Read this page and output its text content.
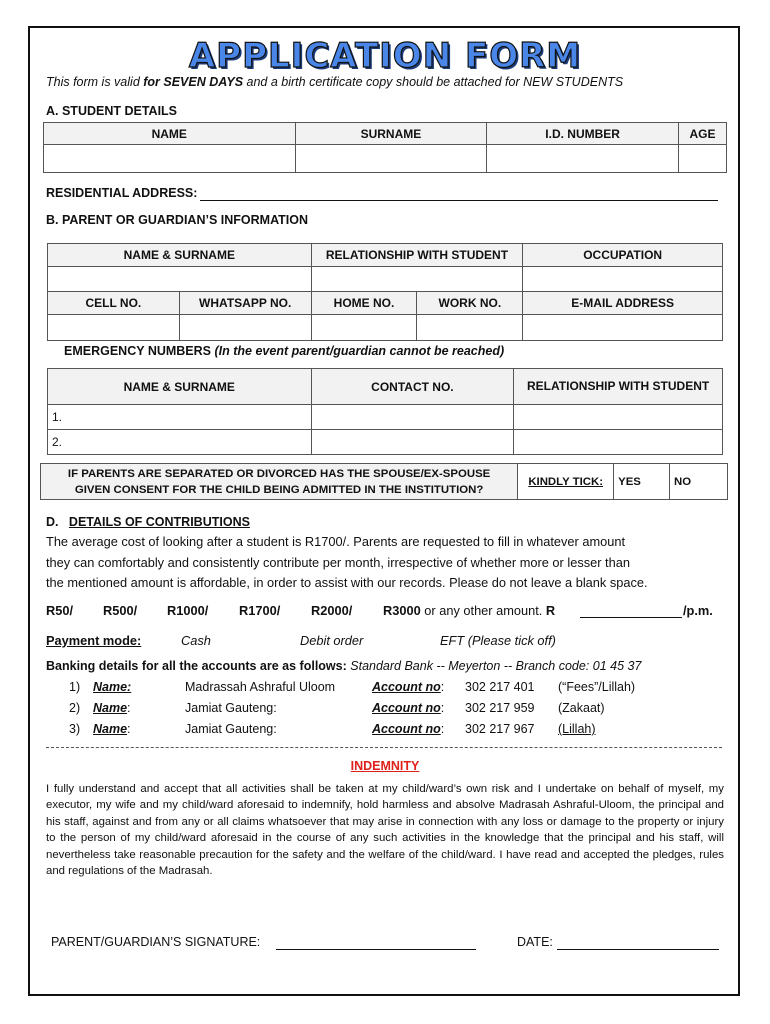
APPLICATION FORM
This form is valid for SEVEN DAYS and a birth certificate copy should be attached for NEW STUDENTS
A. STUDENT DETAILS
NAME	SURNAME	I.D. NUMBER	AGE

RESIDENTIAL ADDRESS:
B. PARENT OR GUARDIAN’S INFORMATION
NAME & SURNAME		RELATIONSHIP WITH STUDENT		OCCUPATION

CELL NO.	WHATSAPP NO.	HOME NO.	WORK NO.	E-MAIL ADDRESS

EMERGENCY NUMBERS (In the event parent/guardian cannot be reached)
NAME & SURNAME	CONTACT NO.	RELATIONSHIP WITH STUDENT
1.		
2.		
IF PARENTS ARE SEPARATED OR DIVORCED HAS THE SPOUSE/EX-SPOUSE
GIVEN CONSENT FOR THE CHILD BEING ADMITTED IN THE INSTITUTION?	KINDLY TICK:	YES	NO
D. DETAILS OF CONTRIBUTIONS
The average cost of looking after a student is R1700/. Parents are requested to fill in whatever amount
they can comfortably and consistently contribute per month, irrespective of whether more or lesser than
the mentioned amount is affordable, in order to assist with our records. Please do not leave a blank space.
R50/ R500/ R1000/ R1700/ R2000/ R3000 or any other amount. R	/p.m.
Payment mode:	Cash	Debit order	EFT (Please tick off)
Banking details for all the accounts are as follows: Standard Bank -- Meyerton -- Branch code: 01 45 37
1) Name:	Madrassah Ashraful Uloom	Account no: 302 217 401 (“Fees”/Lillah)
2) Name:	Jamiat Gauteng:	Account no: 302 217 959 (Zakaat)
3) Name:	Jamiat Gauteng:	Account no: 302 217 967 (Lillah)
INDEMNITY
I fully understand and accept that all activities shall be taken at my child/ward’s own risk and I undertake on behalf of myself, my executor, my wife and my child/ward aforesaid to indemnify, hold harmless and absolve Madrasah Ashraful-Uloom, the principal and his staff, against and from any or all claims whatsoever that may arise in connection with any loss or damage to the property or injury to the person of my child/ward aforesaid in the course of any such activities in the knowledge that the principal and his staff, will nevertheless take reasonable precaution for the safety and the welfare of the child/ward. I have read and accepted the pledges, rules and regulations of the Madrasah.
PARENT/GUARDIAN’S SIGNATURE:	DATE:
